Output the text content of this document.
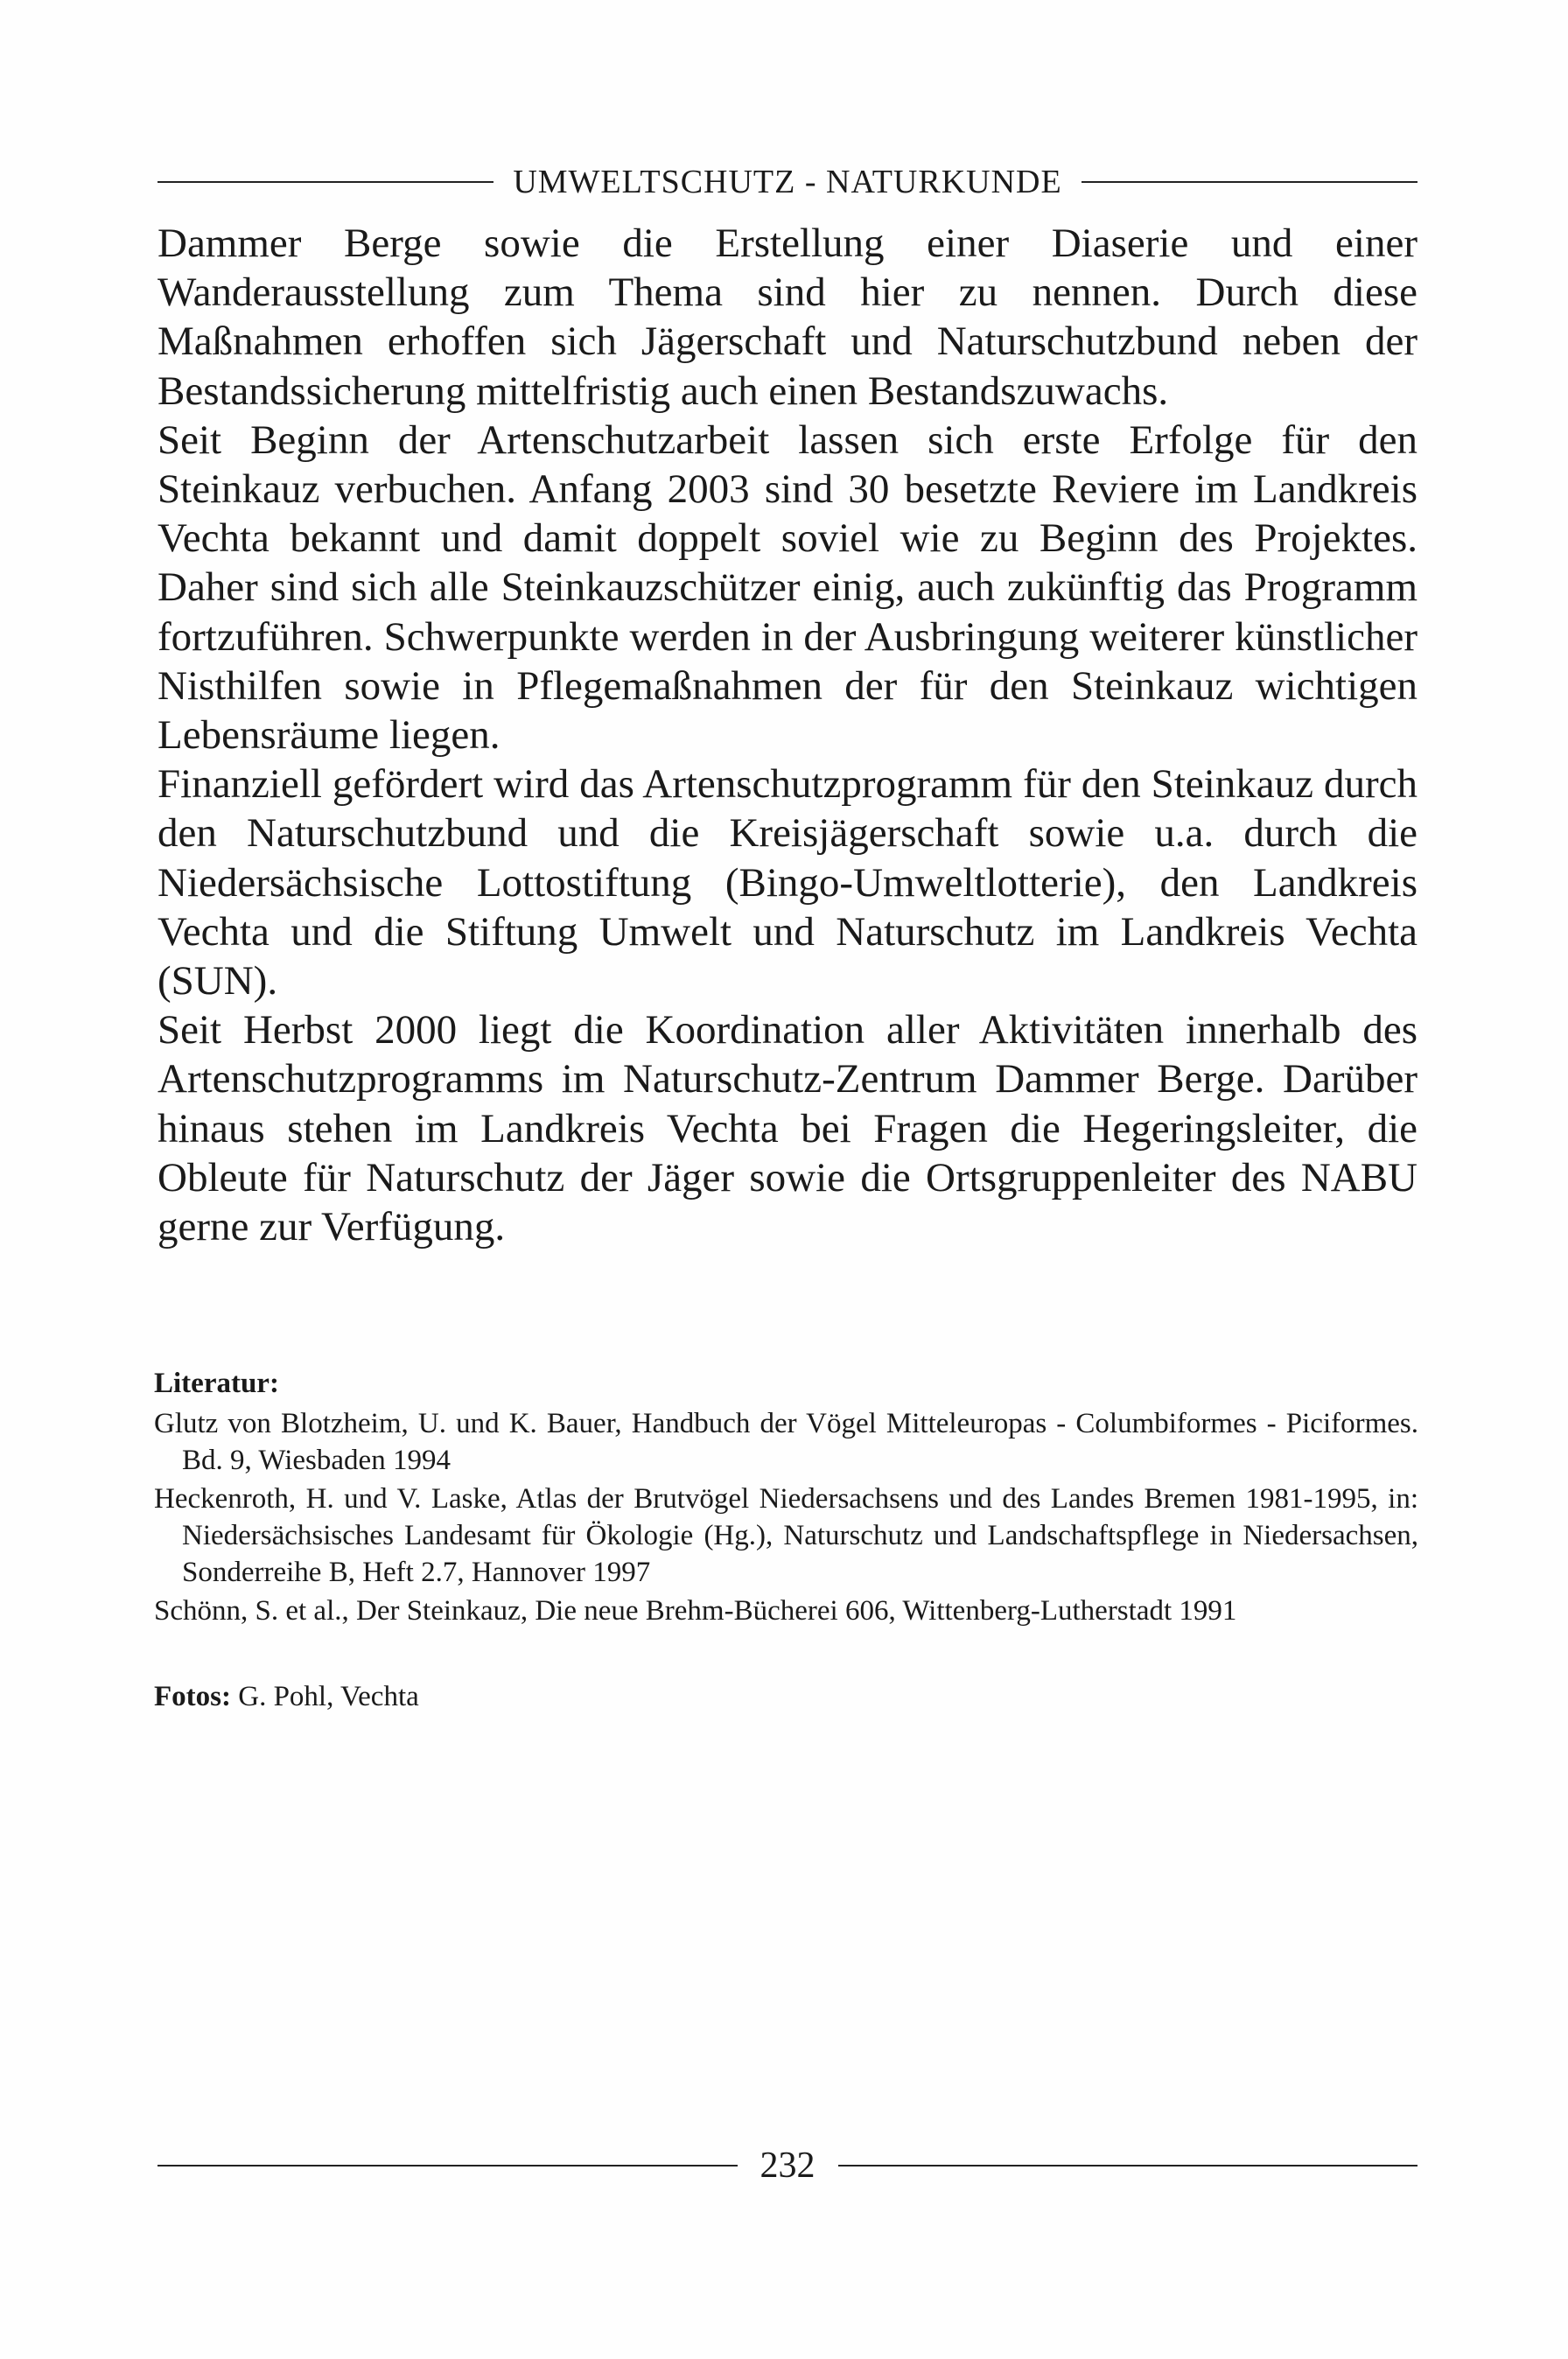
UMWELTSCHUTZ - NATURKUNDE

Dammer Berge sowie die Erstellung einer Diaserie und einer Wanderausstellung zum Thema sind hier zu nennen. Durch diese Maßnahmen erhoffen sich Jägerschaft und Naturschutzbund neben der Bestandssicherung mittelfristig auch einen Bestandszuwachs.

Seit Beginn der Artenschutzarbeit lassen sich erste Erfolge für den Steinkauz verbuchen. Anfang 2003 sind 30 besetzte Reviere im Landkreis Vechta bekannt und damit doppelt soviel wie zu Beginn des Projektes. Daher sind sich alle Steinkauzschützer einig, auch zukünftig das Programm fortzuführen. Schwerpunkte werden in der Ausbringung weiterer künstlicher Nisthilfen sowie in Pflegemaßnahmen der für den Steinkauz wichtigen Lebensräume liegen.

Finanziell gefördert wird das Artenschutzprogramm für den Steinkauz durch den Naturschutzbund und die Kreisjägerschaft sowie u.a. durch die Niedersächsische Lottostiftung (Bingo-Umweltlotterie), den Landkreis Vechta und die Stiftung Umwelt und Naturschutz im Landkreis Vechta (SUN).

Seit Herbst 2000 liegt die Koordination aller Aktivitäten innerhalb des Artenschutzprogramms im Naturschutz-Zentrum Dammer Berge. Darüber hinaus stehen im Landkreis Vechta bei Fragen die Hegeringsleiter, die Obleute für Naturschutz der Jäger sowie die Ortsgruppenleiter des NABU gerne zur Verfügung.

Literatur:
Glutz von Blotzheim, U. und K. Bauer, Handbuch der Vögel Mitteleuropas - Columbiformes - Piciformes. Bd. 9, Wiesbaden 1994
Heckenroth, H. und V. Laske, Atlas der Brutvögel Niedersachsens und des Landes Bremen 1981-1995, in: Niedersächsisches Landesamt für Ökologie (Hg.), Naturschutz und Landschaftspflege in Niedersachsen, Sonderreihe B, Heft 2.7, Hannover 1997
Schönn, S. et al., Der Steinkauz, Die neue Brehm-Bücherei 606, Wittenberg-Lutherstadt 1991
Fotos: G. Pohl, Vechta
232
